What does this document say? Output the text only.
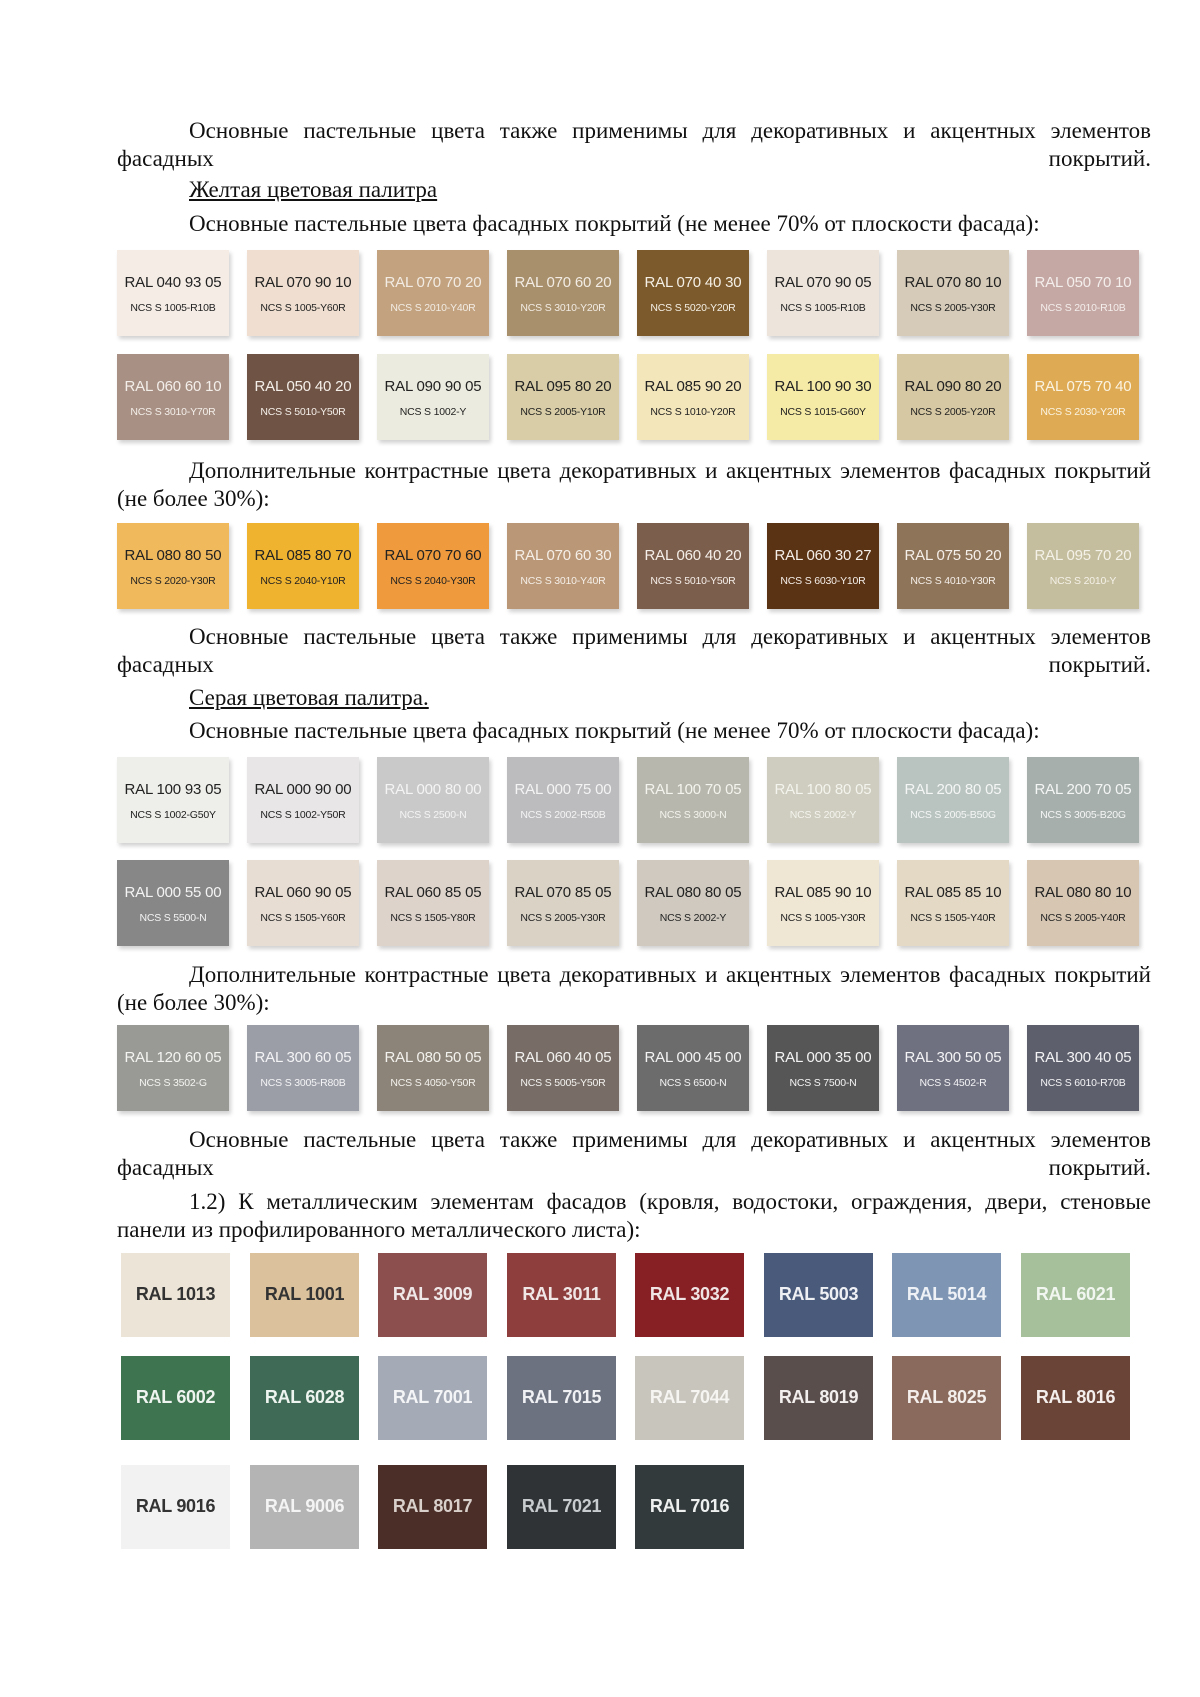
Основные пастельные цвета также применимы для декоративных и акцентных элементов фасадных покрытий.
Желтая цветовая палитра
Основные пастельные цвета фасадных покрытий (не менее 70% от плоскости фасада):
RAL 040 93 05
NCS S 1005-R10B
RAL 070 90 10
NCS S 1005-Y60R
RAL 070 70 20
NCS S 2010-Y40R
RAL 070 60 20
NCS S 3010-Y20R
RAL 070 40 30
NCS S 5020-Y20R
RAL 070 90 05
NCS S 1005-R10B
RAL 070 80 10
NCS S 2005-Y30R
RAL 050 70 10
NCS S 2010-R10B
RAL 060 60 10
NCS S 3010-Y70R
RAL 050 40 20
NCS S 5010-Y50R
RAL 090 90 05
NCS S 1002-Y
RAL 095 80 20
NCS S 2005-Y10R
RAL 085 90 20
NCS S 1010-Y20R
RAL 100 90 30
NCS S 1015-G60Y
RAL 090 80 20
NCS S 2005-Y20R
RAL 075 70 40
NCS S 2030-Y20R
Дополнительные контрастные цвета декоративных и акцентных элементов фасадных покрытий (не более 30%):
RAL 080 80 50
NCS S 2020-Y30R
RAL 085 80 70
NCS S 2040-Y10R
RAL 070 70 60
NCS S 2040-Y30R
RAL 070 60 30
NCS S 3010-Y40R
RAL 060 40 20
NCS S 5010-Y50R
RAL 060 30 27
NCS S 6030-Y10R
RAL 075 50 20
NCS S 4010-Y30R
RAL 095 70 20
NCS S 2010-Y
Основные пастельные цвета также применимы для декоративных и акцентных элементов фасадных покрытий.
Серая цветовая палитра.
Основные пастельные цвета фасадных покрытий (не менее 70% от плоскости фасада):
RAL 100 93 05
NCS S 1002-G50Y
RAL 000 90 00
NCS S 1002-Y50R
RAL 000 80 00
NCS S 2500-N
RAL 000 75 00
NCS S 2002-R50B
RAL 100 70 05
NCS S 3000-N
RAL 100 80 05
NCS S 2002-Y
RAL 200 80 05
NCS S 2005-B50G
RAL 200 70 05
NCS S 3005-B20G
RAL 000 55 00
NCS S 5500-N
RAL 060 90 05
NCS S 1505-Y60R
RAL 060 85 05
NCS S 1505-Y80R
RAL 070 85 05
NCS S 2005-Y30R
RAL 080 80 05
NCS S 2002-Y
RAL 085 90 10
NCS S 1005-Y30R
RAL 085 85 10
NCS S 1505-Y40R
RAL 080 80 10
NCS S 2005-Y40R
Дополнительные контрастные цвета декоративных и акцентных элементов фасадных покрытий (не более 30%):
RAL 120 60 05
NCS S 3502-G
RAL 300 60 05
NCS S 3005-R80B
RAL 080 50 05
NCS S 4050-Y50R
RAL 060 40 05
NCS S 5005-Y50R
RAL 000 45 00
NCS S 6500-N
RAL 000 35 00
NCS S 7500-N
RAL 300 50 05
NCS S 4502-R
RAL 300 40 05
NCS S 6010-R70B
Основные пастельные цвета также применимы для декоративных и акцентных элементов фасадных покрытий.
1.2) К металлическим элементам фасадов (кровля, водостоки, ограждения, двери, стеновые панели из профилированного металлического листа):
RAL 1013	RAL 1001	RAL 3009	RAL 3011	RAL 3032	RAL 5003	RAL 5014	RAL 6021
RAL 6002	RAL 6028	RAL 7001	RAL 7015	RAL 7044	RAL 8019	RAL 8025	RAL 8016
RAL 9016	RAL 9006	RAL 8017	RAL 7021	RAL 7016
